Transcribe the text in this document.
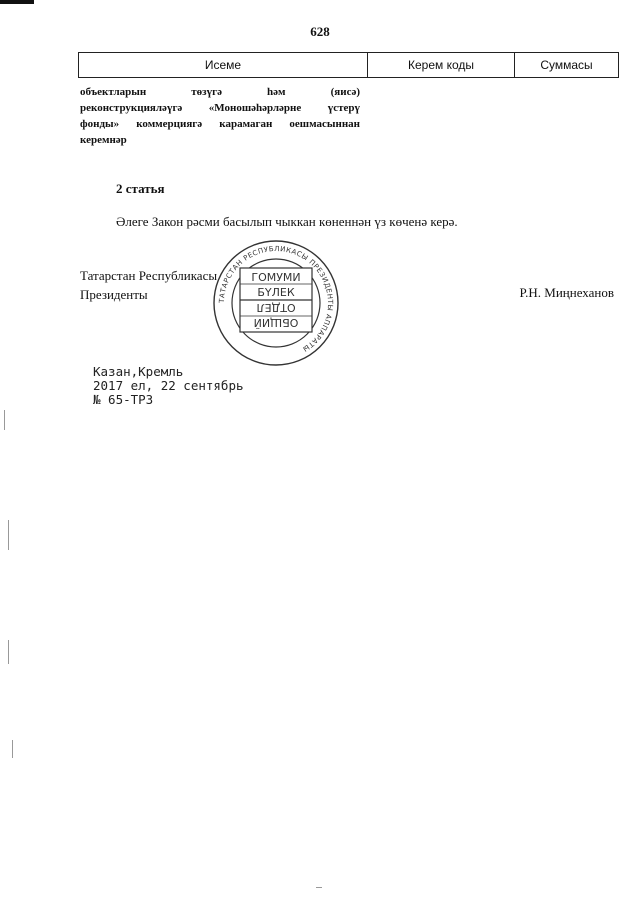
628
Исеме	Керем коды	Суммасы

объектларын төзүгә һәм (яисә)

реконструкцияләүгә «Моношәһәрләрне үстерү

фонды» коммерциягә карамаган оешмасыннан

керемнәр

2 статья
Әлеге Закон рәсми басылып чыккан көненнән үз көченә керә.
ТАТАРСТАН РЕСПУБЛИКАСЫ ПРЕЗИДЕНТЫ АППАРАТЫ
ГОМУМИ
БҮЛЕК
ОТДЕЛ
ОБЩИЙ
Татарстан Республикасы
Президенты	Р.Н. Миңнеханов
Казан,Кремль
2017 ел, 22 сентябрь
№ 65-ТРЗ
